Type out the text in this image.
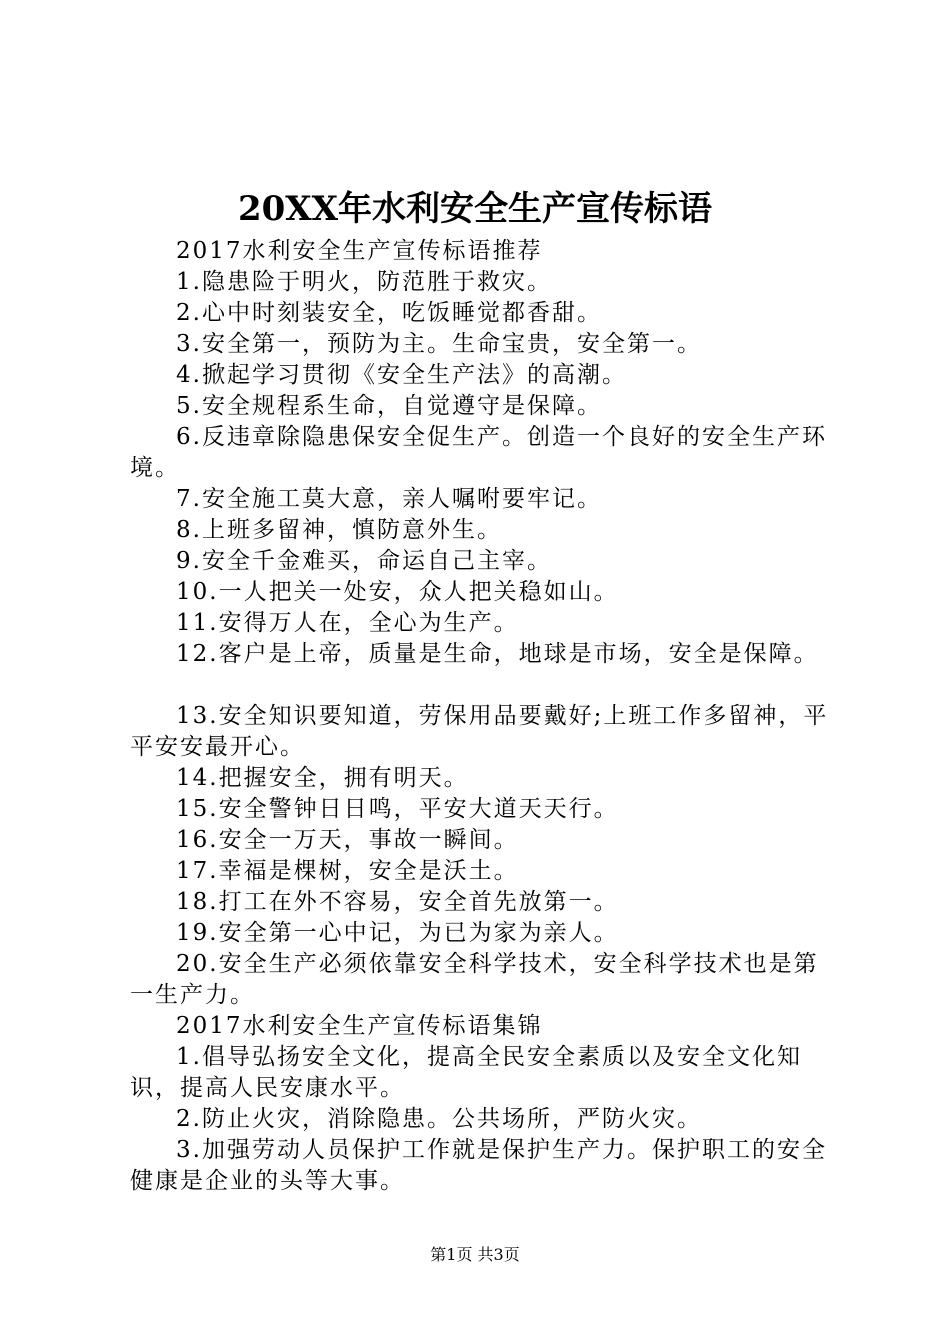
20XX年水利安全生产宣传标语

2017水利安全生产宣传标语推荐

1.隐患险于明火，防范胜于救灾。

2.心中时刻装安全，吃饭睡觉都香甜。

3.安全第一，预防为主。生命宝贵，安全第一。

4.掀起学习贯彻《安全生产法》的高潮。

5.安全规程系生命，自觉遵守是保障。

6.反违章除隐患保安全促生产。创造一个良好的安全生产环境。

7.安全施工莫大意，亲人嘱咐要牢记。

8.上班多留神，慎防意外生。

9.安全千金难买，命运自己主宰。

10.一人把关一处安，众人把关稳如山。

11.安得万人在，全心为生产。

12.客户是上帝，质量是生命，地球是市场，安全是保障。

13.安全知识要知道，劳保用品要戴好;上班工作多留神，平平安安最开心。

14.把握安全，拥有明天。

15.安全警钟日日鸣，平安大道天天行。

16.安全一万天，事故一瞬间。

17.幸福是棵树，安全是沃土。

18.打工在外不容易，安全首先放第一。

19.安全第一心中记，为已为家为亲人。

20.安全生产必须依靠安全科学技术，安全科学技术也是第一生产力。

2017水利安全生产宣传标语集锦

1.倡导弘扬安全文化，提高全民安全素质以及安全文化知识，提高人民安康水平。

2.防止火灾，消除隐患。公共场所，严防火灾。

3.加强劳动人员保护工作就是保护生产力。保护职工的安全健康是企业的头等大事。

第1页 共3页
